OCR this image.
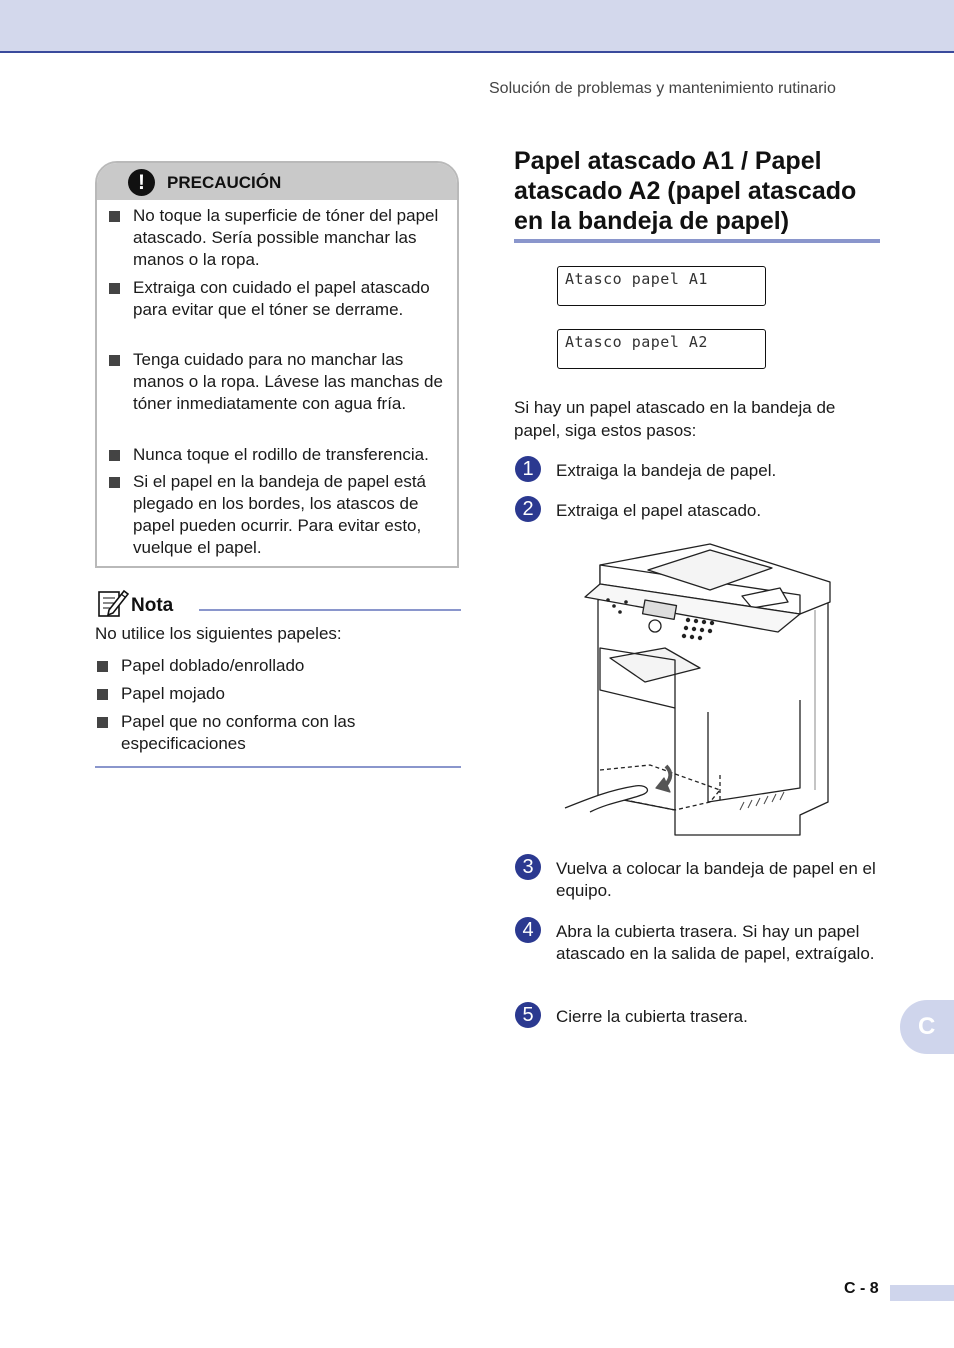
Solución de problemas y mantenimiento rutinario
!	PRECAUCIÓN
No toque la superficie de tóner del papel atascado. Sería possible manchar las manos o la ropa.
Extraiga con cuidado el papel atascado para evitar que el tóner se derrame.
Tenga cuidado para no manchar las manos o la ropa. Lávese las manchas de tóner inmediatamente con agua fría.
Nunca toque el rodillo de transferencia.
Si el papel en la bandeja de papel está plegado en los bordes, los atascos de papel pueden ocurrir. Para evitar esto, vuelque el papel.
Nota
No utilice los siguientes papeles:
Papel doblado/enrollado
Papel mojado
Papel que no conforma con las especificaciones
Papel atascado A1 / Papel atascado A2 (papel atascado en la bandeja de papel)
Atasco papel A1
Atasco papel A2
Si hay un papel atascado en la bandeja de papel, siga estos pasos:
1	Extraiga la bandeja de papel.
2	Extraiga el papel atascado.
3	Vuelva a colocar la bandeja de papel en el equipo.
4	Abra la cubierta trasera. Si hay un papel atascado en la salida de papel, extraígalo.
5	Cierre la cubierta trasera.	C
C - 8
